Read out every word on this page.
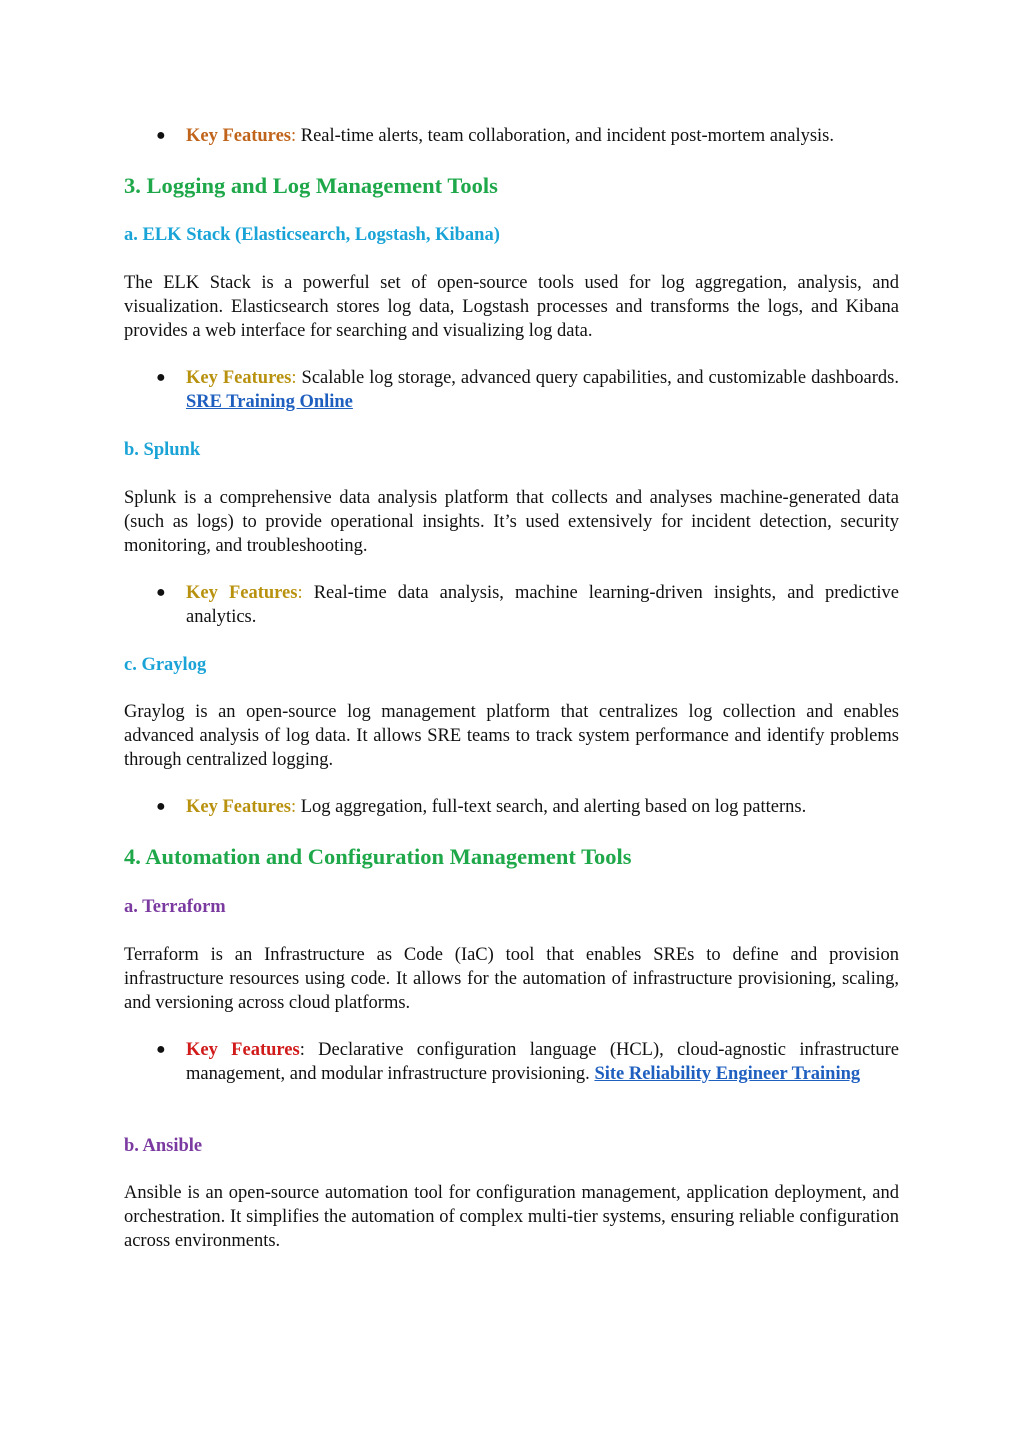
● Key Features: Real-time alerts, team collaboration, and incident post-mortem analysis.

3. Logging and Log Management Tools

a. ELK Stack (Elasticsearch, Logstash, Kibana)

The ELK Stack is a powerful set of open-source tools used for log aggregation, analysis, and visualization. Elasticsearch stores log data, Logstash processes and transforms the logs, and Kibana provides a web interface for searching and visualizing log data.

● Key Features: Scalable log storage, advanced query capabilities, and customizable dashboards. SRE Training Online

b. Splunk

Splunk is a comprehensive data analysis platform that collects and analyses machine-generated data (such as logs) to provide operational insights. It’s used extensively for incident detection, security monitoring, and troubleshooting.

● Key Features: Real-time data analysis, machine learning-driven insights, and predictive analytics.

c. Graylog

Graylog is an open-source log management platform that centralizes log collection and enables advanced analysis of log data. It allows SRE teams to track system performance and identify problems through centralized logging.

● Key Features: Log aggregation, full-text search, and alerting based on log patterns.

4. Automation and Configuration Management Tools

a. Terraform

Terraform is an Infrastructure as Code (IaC) tool that enables SREs to define and provision infrastructure resources using code. It allows for the automation of infrastructure provisioning, scaling, and versioning across cloud platforms.

● Key Features: Declarative configuration language (HCL), cloud-agnostic infrastructure management, and modular infrastructure provisioning. Site Reliability Engineer Training

b. Ansible

Ansible is an open-source automation tool for configuration management, application deployment, and orchestration. It simplifies the automation of complex multi-tier systems, ensuring reliable configuration across environments.
